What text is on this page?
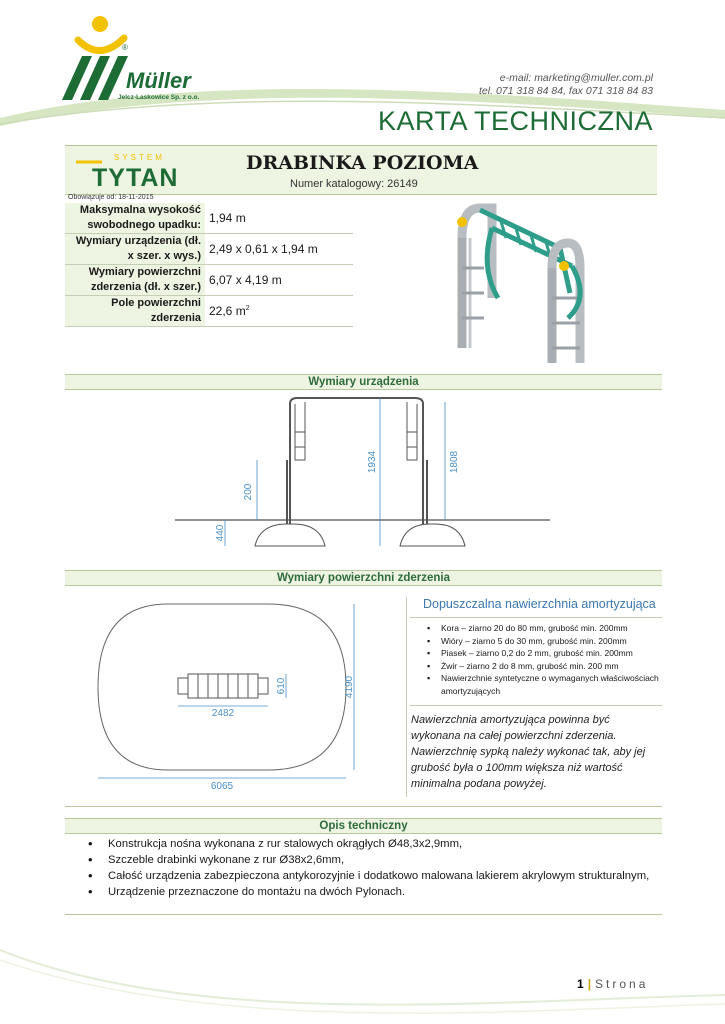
®
Müller
Jelcz-Laskowice Sp. z o.o.
e-mail: marketing@muller.com.pl
tel. 071 318 84 84, fax 071 318 84 83
KARTA TECHNICZNA
SYSTEM
TYTAN
DRABINKA POZIOMA
Numer katalogowy: 26149
Obowiązuje od: 18-11-2015
Maksymalna wysokość swobodnego upadku:	1,94 m
Wymiary urządzenia (dł. x szer. x wys.)	2,49 x 0,61 x 1,94 m
Wymiary powierzchni zderzenia (dł. x szer.)	6,07 x 4,19 m
Pole powierzchni zderzenia	22,6 $m^2$
Wymiary urządzenia
1934	1808
200
440
Wymiary powierzchni zderzenia
2482
610	4190
6065
Dopuszczalna nawierzchnia amortyzująca
▪ Kora – ziarno 20 do 80 mm, grubość min. 200mm
▪ Wióry – ziarno 5 do 30 mm, grubość min. 200mm
▪ Piasek – ziarno 0,2 do 2 mm, grubość min. 200mm
▪ Żwir – ziarno 2 do 8 mm, grubość min. 200 mm
▪ Nawierzchnie syntetyczne o wymaganych właściwościach amortyzujących
Nawierzchnia amortyzująca powinna być wykonana na całej powierzchni zderzenia. Nawierzchnię sypką należy wykonać tak, aby jej grubość była o 100mm większa niż wartość minimalna podana powyżej.
Opis techniczny
• Konstrukcja nośna wykonana z rur stalowych okrągłych Ø48,3x2,9mm,
• Szczeble drabinki wykonane z rur Ø38x2,6mm,
• Całość urządzenia zabezpieczona antykorozyjnie i dodatkowo malowana lakierem akrylowym strukturalnym,
• Urządzenie przeznaczone do montażu na dwóch Pylonach.
1 | Strona
